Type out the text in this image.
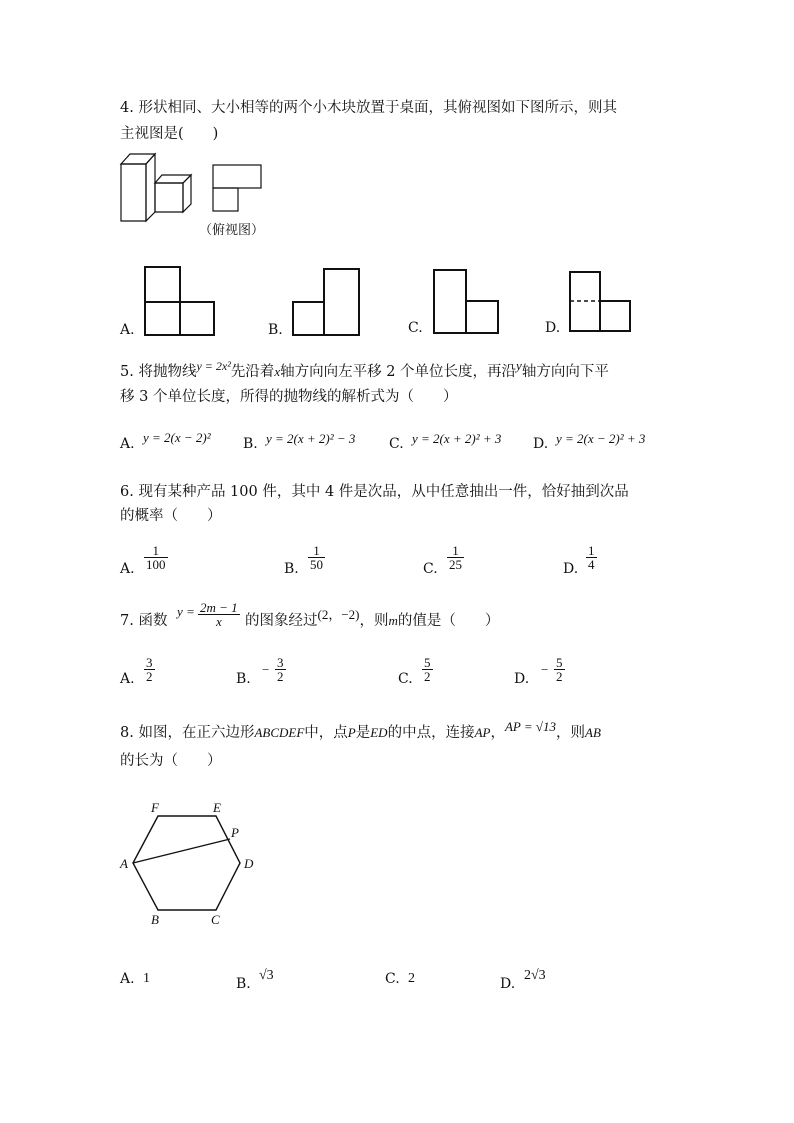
4. 形状相同、大小相等的两个小木块放置于桌面，其俯视图如下图所示，则其
主视图是(　　)
（俯视图）
A.	B.	C.	D.
5. 将抛物线y = 2x²先沿着x轴方向向左平移 2 个单位长度，再沿y轴方向向下平
移 3 个单位长度，所得的抛物线的解析式为（　　）
A. y = 2(x − 2)² B. y = 2(x + 2)² − 3 C. y = 2(x + 2)² + 3 D. y = 2(x − 2)² + 3
6. 现有某种产品 100 件，其中 4 件是次品，从中任意抽出一件，恰好抽到次品
的概率（　　）
A. $\frac{1}{100}$	B. $\frac{1}{50}$	C. $\frac{1}{25}$	D. $\frac{1}{4}$
7. 函数
$y = \frac{2m - 1}{x}$ 的图象经过(2，−2)，则m的值是（　　）
A. $\frac{3}{2}$	B.
− $\frac{3}{2}$	C. $\frac{5}{2}$	D.
− $\frac{5}{2}$
8. 如图，在正六边形ABCDEF中，点P是ED的中点，连接AP，AP = √13，则AB
的长为（　　）
F	E
P
A	D
B	C
A. 1	B.
√3	C. 2	D.
2√3
